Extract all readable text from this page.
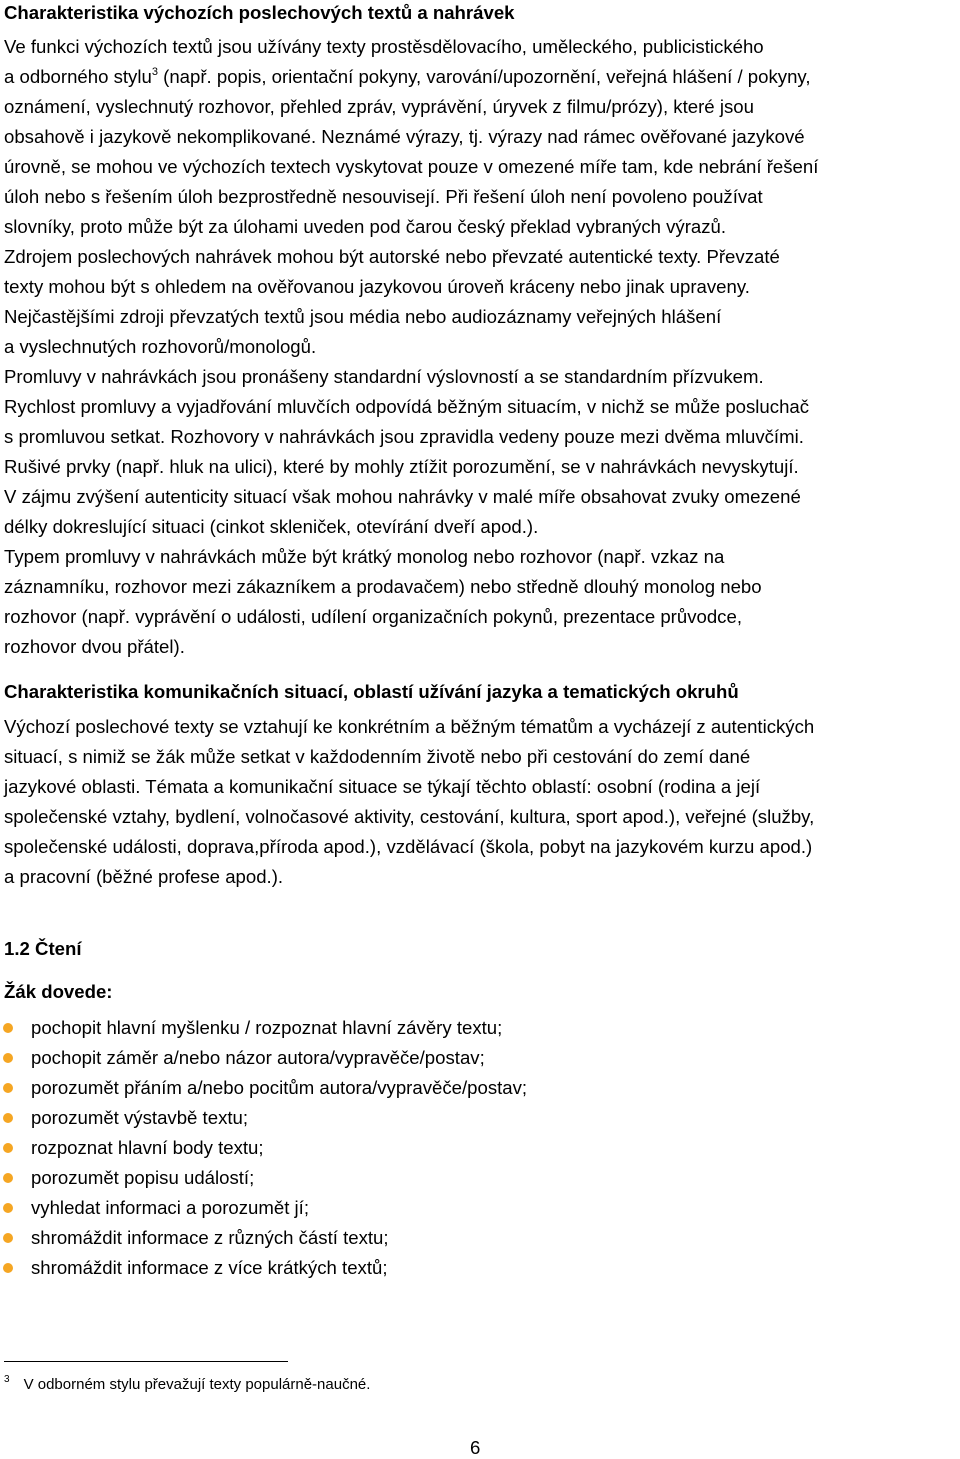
Charakteristika výchozích poslechových textů a nahrávek
Ve funkci výchozích textů jsou užívány texty prostěsdělovacího, uměleckého, publicistického
a odborného stylu$^3$ (např. popis, orientační pokyny, varování/upozornění, veřejná hlášení / pokyny,
oznámení, vyslechnutý rozhovor, přehled zpráv, vyprávění, úryvek z filmu/prózy), které jsou
obsahově i jazykově nekomplikované. Neznámé výrazy, tj. výrazy nad rámec ověřované jazykové
úrovně, se mohou ve výchozích textech vyskytovat pouze v omezené míře tam, kde nebrání řešení
úloh nebo s řešením úloh bezprostředně nesouvisejí. Při řešení úloh není povoleno používat
slovníky, proto může být za úlohami uveden pod čarou český překlad vybraných výrazů.
Zdrojem poslechových nahrávek mohou být autorské nebo převzaté autentické texty. Převzaté
texty mohou být s ohledem na ověřovanou jazykovou úroveň kráceny nebo jinak upraveny.
Nejčastějšími zdroji převzatých textů jsou média nebo audiozáznamy veřejných hlášení
a vyslechnutých rozhovorů/monologů.
Promluvy v nahrávkách jsou pronášeny standardní výslovností a se standardním přízvukem.
Rychlost promluvy a vyjadřování mluvčích odpovídá běžným situacím, v nichž se může posluchač
s promluvou setkat. Rozhovory v nahrávkách jsou zpravidla vedeny pouze mezi dvěma mluvčími.
Rušivé prvky (např. hluk na ulici), které by mohly ztížit porozumění, se v nahrávkách nevyskytují.
V zájmu zvýšení autenticity situací však mohou nahrávky v malé míře obsahovat zvuky omezené
délky dokreslující situaci (cinkot skleniček, otevírání dveří apod.).
Typem promluvy v nahrávkách může být krátký monolog nebo rozhovor (např. vzkaz na
záznamníku, rozhovor mezi zákazníkem a prodavačem) nebo středně dlouhý monolog nebo
rozhovor (např. vyprávění o události, udílení organizačních pokynů, prezentace průvodce,
rozhovor dvou přátel).
Charakteristika komunikačních situací, oblastí užívání jazyka a tematických okruhů
Výchozí poslechové texty se vztahují ke konkrétním a běžným tématům a vycházejí z autentických
situací, s nimiž se žák může setkat v každodenním životě nebo při cestování do zemí dané
jazykové oblasti. Témata a komunikační situace se týkají těchto oblastí: osobní (rodina a její
společenské vztahy, bydlení, volnočasové aktivity, cestování, kultura, sport apod.), veřejné (služby,
společenské události, doprava,příroda apod.), vzdělávací (škola, pobyt na jazykovém kurzu apod.)
a pracovní (běžné profese apod.).
1.2 Čtení
Žák dovede:
pochopit hlavní myšlenku / rozpoznat hlavní závěry textu;
pochopit záměr a/nebo názor autora/vypravěče/postav;
porozumět přáním a/nebo pocitům autora/vypravěče/postav;
porozumět výstavbě textu;
rozpoznat hlavní body textu;
porozumět popisu událostí;
vyhledat informaci a porozumět jí;
shromáždit informace z různých částí textu;
shromáždit informace z více krátkých textů;
$^3$ V odborném stylu převažují texty populárně-naučné.
6
